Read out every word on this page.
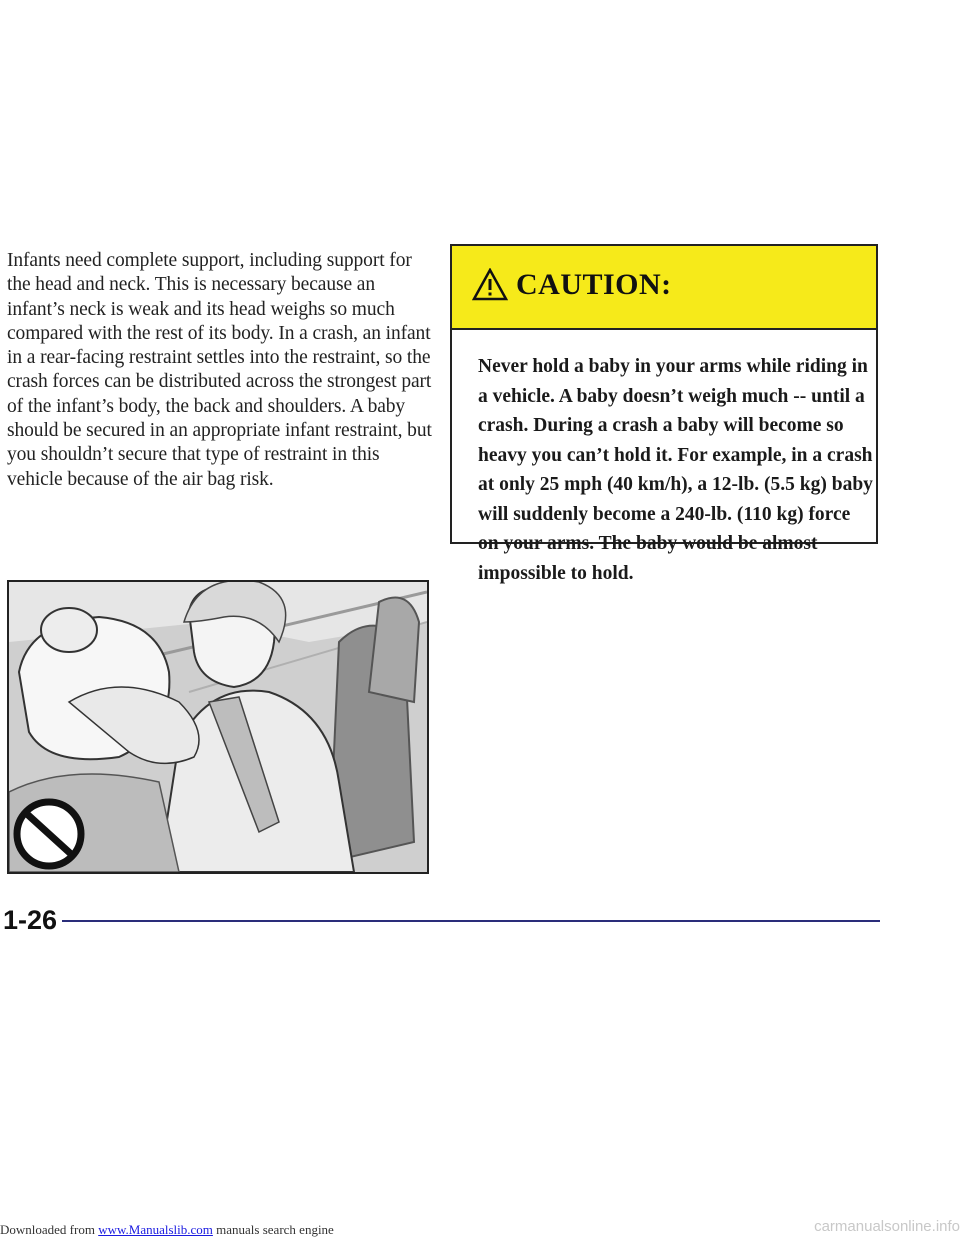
Infants need complete support, including support for the head and neck. This is necessary because an infant’s neck is weak and its head weighs so much compared with the rest of its body. In a crash, an infant in a rear-facing restraint settles into the restraint, so the crash forces can be distributed across the strongest part of the infant’s body, the back and shoulders. A baby should be secured in an appropriate infant restraint, but you shouldn’t secure that type of restraint in this vehicle because of the air bag risk.
CAUTION:
Never hold a baby in your arms while riding in a vehicle. A baby doesn’t weigh much -- until a crash. During a crash a baby will become so heavy you can’t hold it. For example, in a crash at only 25 mph (40 km/h), a 12-lb. (5.5 kg) baby will suddenly become a 240-lb. (110 kg) force on your arms. The baby would be almost impossible to hold.
1-26
Downloaded from www.Manualslib.com manuals search engine	carmanualsonline.info
